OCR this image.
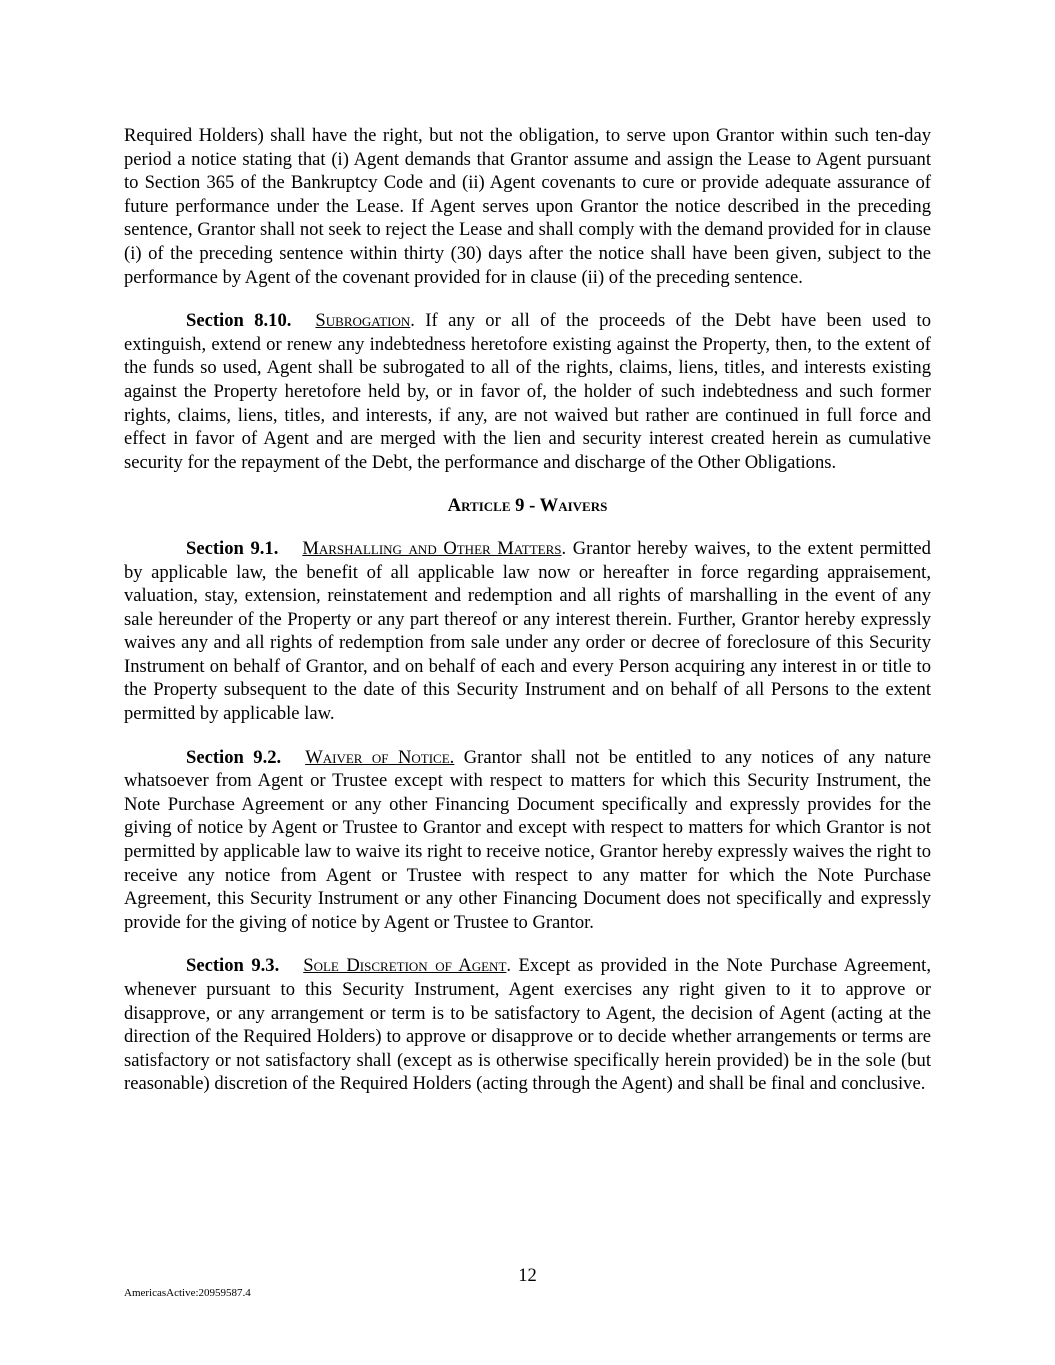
Required Holders) shall have the right, but not the obligation, to serve upon Grantor within such ten-day period a notice stating that (i) Agent demands that Grantor assume and assign the Lease to Agent pursuant to Section 365 of the Bankruptcy Code and (ii) Agent covenants to cure or provide adequate assurance of future performance under the Lease. If Agent serves upon Grantor the notice described in the preceding sentence, Grantor shall not seek to reject the Lease and shall comply with the demand provided for in clause (i) of the preceding sentence within thirty (30) days after the notice shall have been given, subject to the performance by Agent of the covenant provided for in clause (ii) of the preceding sentence.

Section 8.10. Subrogation. If any or all of the proceeds of the Debt have been used to extinguish, extend or renew any indebtedness heretofore existing against the Property, then, to the extent of the funds so used, Agent shall be subrogated to all of the rights, claims, liens, titles, and interests existing against the Property heretofore held by, or in favor of, the holder of such indebtedness and such former rights, claims, liens, titles, and interests, if any, are not waived but rather are continued in full force and effect in favor of Agent and are merged with the lien and security interest created herein as cumulative security for the repayment of the Debt, the performance and discharge of the Other Obligations.

Article 9 - Waivers

Section 9.1. Marshalling and Other Matters. Grantor hereby waives, to the extent permitted by applicable law, the benefit of all applicable law now or hereafter in force regarding appraisement, valuation, stay, extension, reinstatement and redemption and all rights of marshalling in the event of any sale hereunder of the Property or any part thereof or any interest therein. Further, Grantor hereby expressly waives any and all rights of redemption from sale under any order or decree of foreclosure of this Security Instrument on behalf of Grantor, and on behalf of each and every Person acquiring any interest in or title to the Property subsequent to the date of this Security Instrument and on behalf of all Persons to the extent permitted by applicable law.

Section 9.2. Waiver of Notice. Grantor shall not be entitled to any notices of any nature whatsoever from Agent or Trustee except with respect to matters for which this Security Instrument, the Note Purchase Agreement or any other Financing Document specifically and expressly provides for the giving of notice by Agent or Trustee to Grantor and except with respect to matters for which Grantor is not permitted by applicable law to waive its right to receive notice, Grantor hereby expressly waives the right to receive any notice from Agent or Trustee with respect to any matter for which the Note Purchase Agreement, this Security Instrument or any other Financing Document does not specifically and expressly provide for the giving of notice by Agent or Trustee to Grantor.

Section 9.3. Sole Discretion of Agent. Except as provided in the Note Purchase Agreement, whenever pursuant to this Security Instrument, Agent exercises any right given to it to approve or disapprove, or any arrangement or term is to be satisfactory to Agent, the decision of Agent (acting at the direction of the Required Holders) to approve or disapprove or to decide whether arrangements or terms are satisfactory or not satisfactory shall (except as is otherwise specifically herein provided) be in the sole (but reasonable) discretion of the Required Holders (acting through the Agent) and shall be final and conclusive.

12
AmericasActive:20959587.4
